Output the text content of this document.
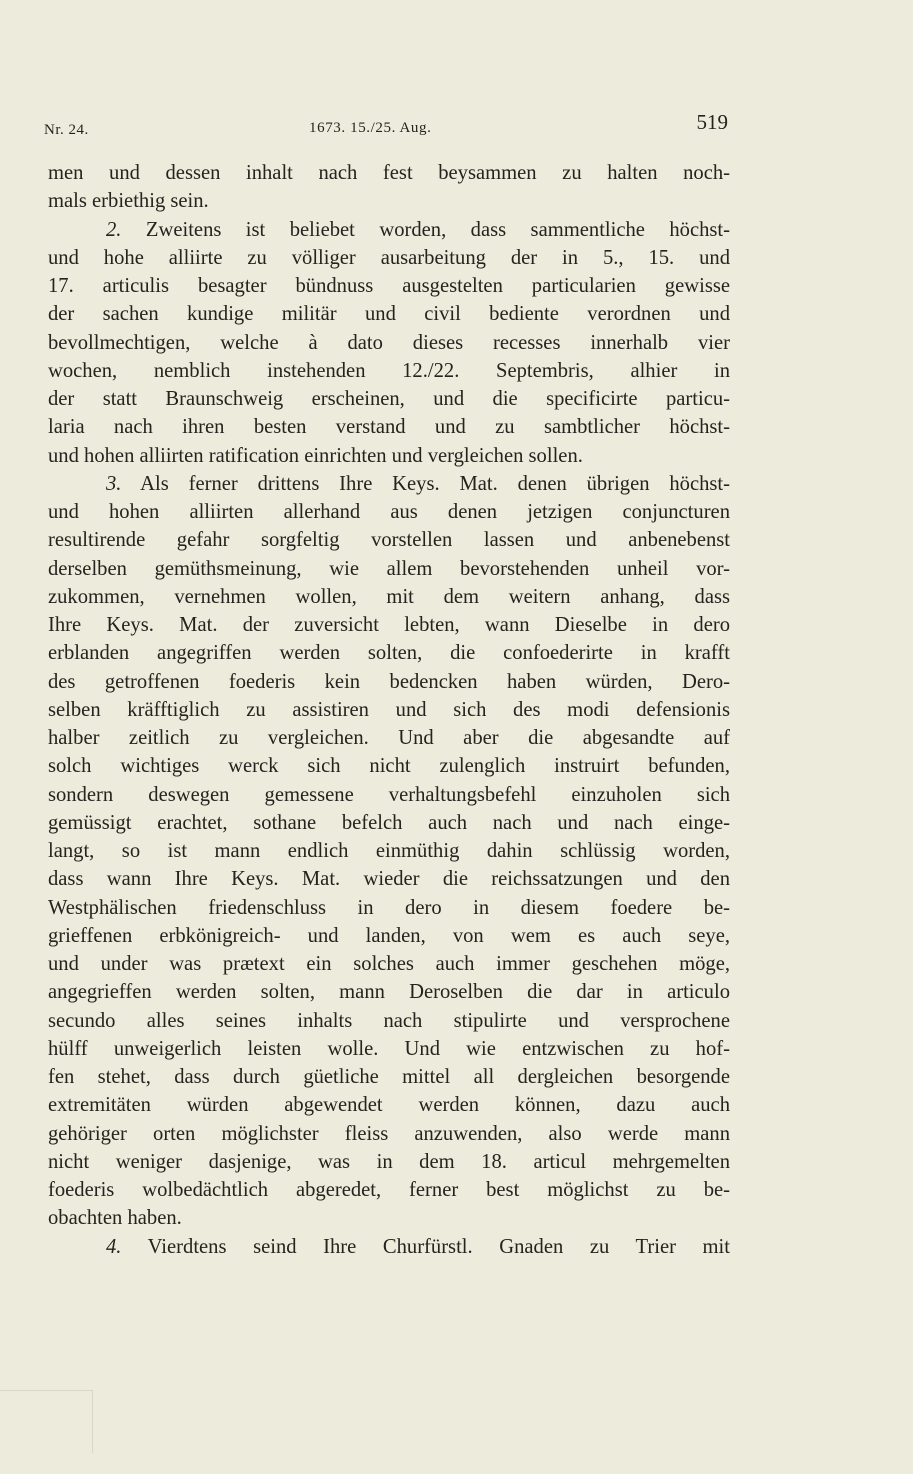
Nr. 24.	1673. 15./25. Aug.	519
men und dessen inhalt nach fest beysammen zu halten noch-
mals erbiethig sein.
2. Zweitens ist beliebet worden, dass sammentliche höchst-
und hohe alliirte zu völliger ausarbeitung der in 5., 15. und
17. articulis besagter bündnuss ausgestelten particularien gewisse
der sachen kundige militär und civil bediente verordnen und
bevollmechtigen, welche à dato dieses recesses innerhalb vier
wochen, nemblich instehenden 12./22. Septembris, alhier in
der statt Braunschweig erscheinen, und die specificirte particu-
laria nach ihren besten verstand und zu sambtlicher höchst-
und hohen alliirten ratification einrichten und vergleichen sollen.
3. Als ferner drittens Ihre Keys. Mat. denen übrigen höchst-
und hohen alliirten allerhand aus denen jetzigen conjuncturen
resultirende gefahr sorgfeltig vorstellen lassen und anbenebenst
derselben gemüthsmeinung, wie allem bevorstehenden unheil vor-
zukommen, vernehmen wollen, mit dem weitern anhang, dass
Ihre Keys. Mat. der zuversicht lebten, wann Dieselbe in dero
erblanden angegriffen werden solten, die confoederirte in krafft
des getroffenen foederis kein bedencken haben würden, Dero-
selben kräfftiglich zu assistiren und sich des modi defensionis
halber zeitlich zu vergleichen. Und aber die abgesandte auf
solch wichtiges werck sich nicht zulenglich instruirt befunden,
sondern deswegen gemessene verhaltungsbefehl einzuholen sich
gemüssigt erachtet, sothane befelch auch nach und nach einge-
langt, so ist mann endlich einmüthig dahin schlüssig worden,
dass wann Ihre Keys. Mat. wieder die reichssatzungen und den
Westphälischen friedenschluss in dero in diesem foedere be-
grieffenen erbkönigreich- und landen, von wem es auch seye,
und under was prætext ein solches auch immer geschehen möge,
angegrieffen werden solten, mann Deroselben die dar in articulo
secundo alles seines inhalts nach stipulirte und versprochene
hülff unweigerlich leisten wolle. Und wie entzwischen zu hof-
fen stehet, dass durch güetliche mittel all dergleichen besorgende
extremitäten würden abgewendet werden können, dazu auch
gehöriger orten möglichster fleiss anzuwenden, also werde mann
nicht weniger dasjenige, was in dem 18. articul mehrgemelten
foederis wolbedächtlich abgeredet, ferner best möglichst zu be-
obachten haben.
4. Vierdtens seind Ihre Churfürstl. Gnaden zu Trier mit
